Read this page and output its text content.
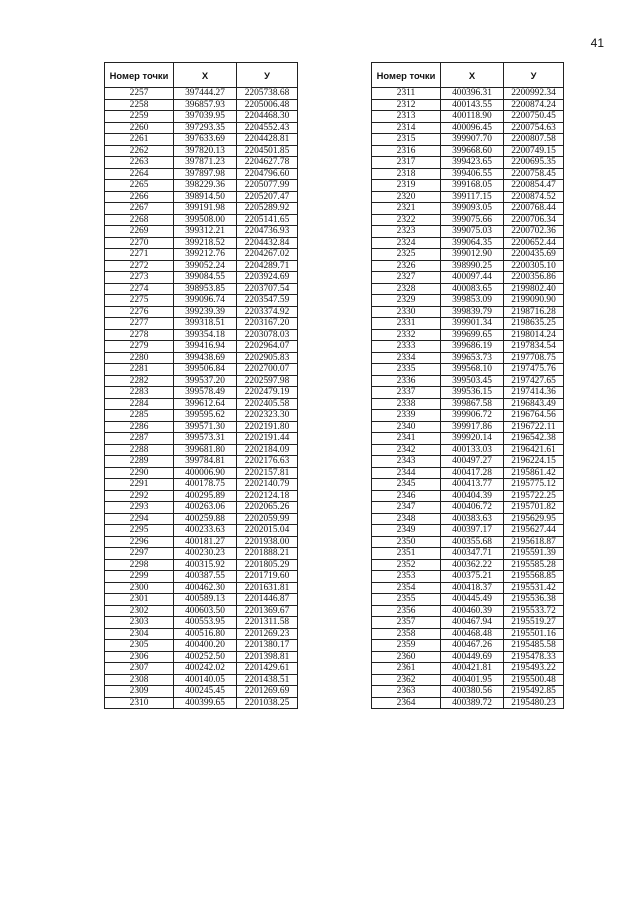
41
Номер точки	X	У
2257	397444.27	2205738.68
2258	396857.93	2205006.48
2259	397039.95	2204468.30
2260	397293.35	2204552.43
2261	397633.69	2204428.81
2262	397820.13	2204501.85
2263	397871.23	2204627.78
2264	397897.98	2204796.60
2265	398229.36	2205077.99
2266	398914.50	2205207.47
2267	399191.98	2205289.92
2268	399508.00	2205141.65
2269	399312.21	2204736.93
2270	399218.52	2204432.84
2271	399212.76	2204267.02
2272	399052.24	2204289.71
2273	399084.55	2203924.69
2274	398953.85	2203707.54
2275	399096.74	2203547.59
2276	399239.39	2203374.92
2277	399318.51	2203167.20
2278	399354.18	2203078.03
2279	399416.94	2202964.07
2280	399438.69	2202905.83
2281	399506.84	2202700.07
2282	399537.20	2202597.98
2283	399578.49	2202479.19
2284	399612.64	2202405.58
2285	399595.62	2202323.30
2286	399571.30	2202191.80
2287	399573.31	2202191.44
2288	399681.80	2202184.09
2289	399784.81	2202176.63
2290	400006.90	2202157.81
2291	400178.75	2202140.79
2292	400295.89	2202124.18
2293	400263.06	2202065.26
2294	400259.88	2202059.99
2295	400233.63	2202015.04
2296	400181.27	2201938.00
2297	400230.23	2201888.21
2298	400315.92	2201805.29
2299	400387.55	2201719.60
2300	400462.30	2201631.81
2301	400589.13	2201446.87
2302	400603.50	2201369.67
2303	400553.95	2201311.58
2304	400516.80	2201269.23
2305	400400.20	2201380.17
2306	400252.50	2201398.81
2307	400242.02	2201429.61
2308	400140.05	2201438.51
2309	400245.45	2201269.69
2310	400399.65	2201038.25
Номер точки	X	У
2311	400396.31	2200992.34
2312	400143.55	2200874.24
2313	400118.90	2200750.45
2314	400096.45	2200754.63
2315	399907.70	2200807.58
2316	399668.60	2200749.15
2317	399423.65	2200695.35
2318	399406.55	2200758.45
2319	399168.05	2200854.47
2320	399117.15	2200874.52
2321	399093.05	2200768.44
2322	399075.66	2200706.34
2323	399075.03	2200702.36
2324	399064.35	2200652.44
2325	399012.90	2200435.69
2326	398990.25	2200305.10
2327	400097.44	2200356.86
2328	400083.65	2199802.40
2329	399853.09	2199090.90
2330	399839.79	2198716.28
2331	399901.34	2198635.25
2332	399699.65	2198014.24
2333	399686.19	2197834.54
2334	399653.73	2197708.75
2335	399568.10	2197475.76
2336	399503.45	2197427.65
2337	399536.15	2197414.36
2338	399867.58	2196843.49
2339	399906.72	2196764.56
2340	399917.86	2196722.11
2341	399920.14	2196542.38
2342	400133.03	2196421.61
2343	400497.27	2196224.15
2344	400417.28	2195861.42
2345	400413.77	2195775.12
2346	400404.39	2195722.25
2347	400406.72	2195701.82
2348	400383.63	2195629.95
2349	400397.17	2195627.44
2350	400355.68	2195618.87
2351	400347.71	2195591.39
2352	400362.22	2195585.28
2353	400375.21	2195568.85
2354	400418.37	2195531.42
2355	400445.49	2195536.38
2356	400460.39	2195533.72
2357	400467.94	2195519.27
2358	400468.48	2195501.16
2359	400467.26	2195485.58
2360	400449.69	2195478.33
2361	400421.81	2195493.22
2362	400401.95	2195500.48
2363	400380.56	2195492.85
2364	400389.72	2195480.23
